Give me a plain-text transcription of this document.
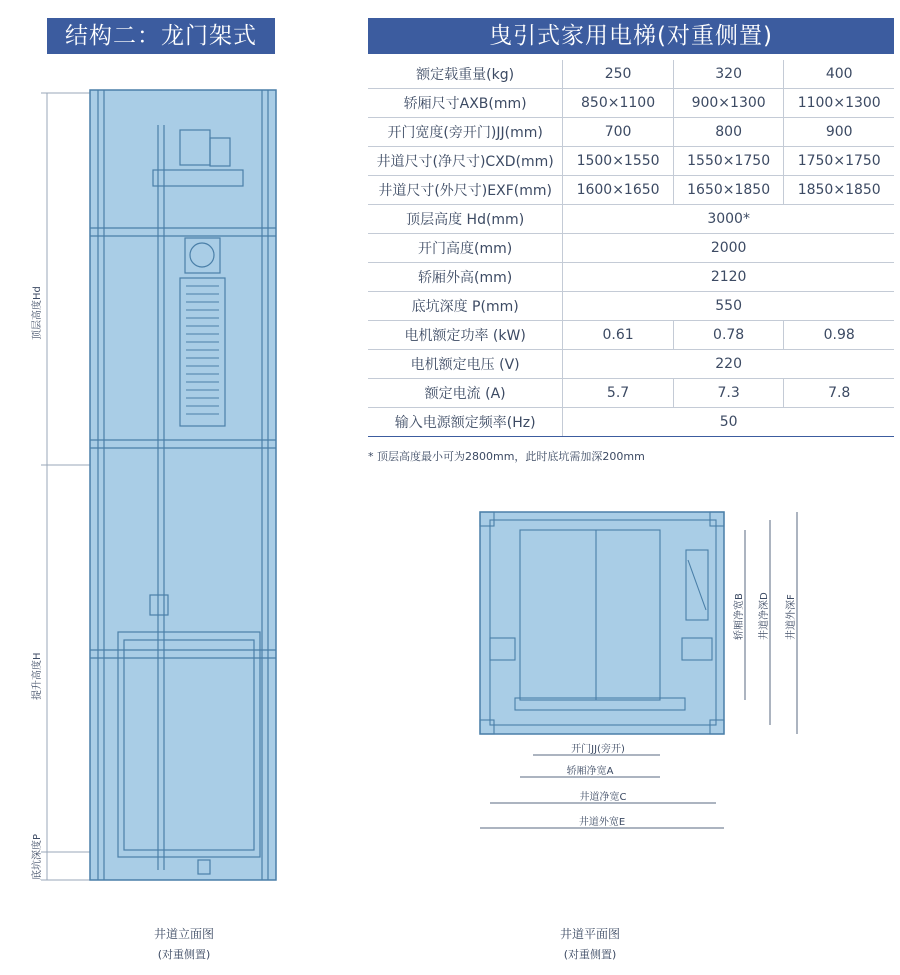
结构二：龙门架式	曳引式家用电梯(对重侧置)
额定载重量(kg)	250	320	400
轿厢尺寸AXB(mm)	850×1100	900×1300	1100×1300
开门宽度(旁开门)JJ(mm)	700	800	900
井道尺寸(净尺寸)CXD(mm)	1500×1550	1550×1750	1750×1750
井道尺寸(外尺寸)EXF(mm)	1600×1650	1650×1850	1850×1850
顶层高度 Hd(mm)	3000*		
开门高度(mm)	2000		
轿厢外高(mm)	2120		
底坑深度 P(mm)	550		
电机额定功率 (kW)	0.61	0.78	0.98
电机额定电压 (V)	220		
额定电流 (A)	5.7	7.3	7.8
输入电源额定频率(Hz)	50		
* 顶层高度最小可为2800mm，此时底坑需加深200mm
顶层高度Hd
提升高度H
底坑深度P
井道立面图
(对重侧置)
开门JJ(旁开)
轿厢净宽A
井道净宽C
井道外宽E
轿厢净宽B 井道净深D 井道外深F
井道平面图
(对重侧置)
